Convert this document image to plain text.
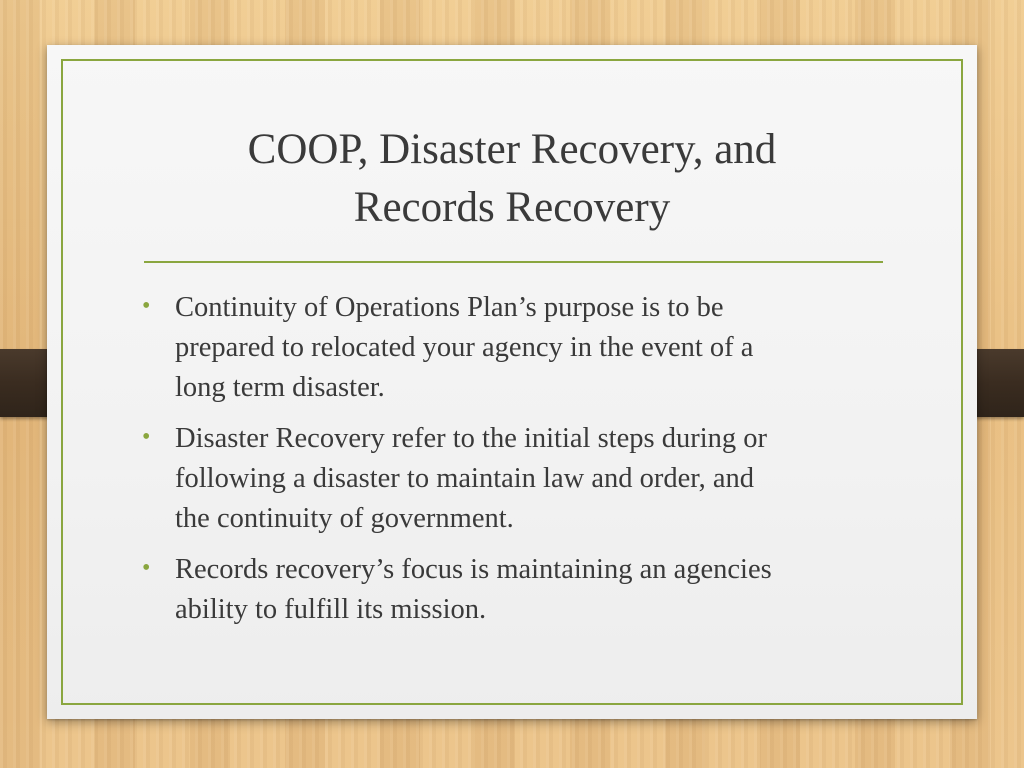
COOP, Disaster Recovery, and
Records Recovery
• Continuity of Operations Plan’s purpose is to be
prepared to relocated your agency in the event of a
long term disaster.
• Disaster Recovery refer to the initial steps during or
following a disaster to maintain law and order, and
the continuity of government.
• Records recovery’s focus is maintaining an agencies
ability to fulfill its mission.
